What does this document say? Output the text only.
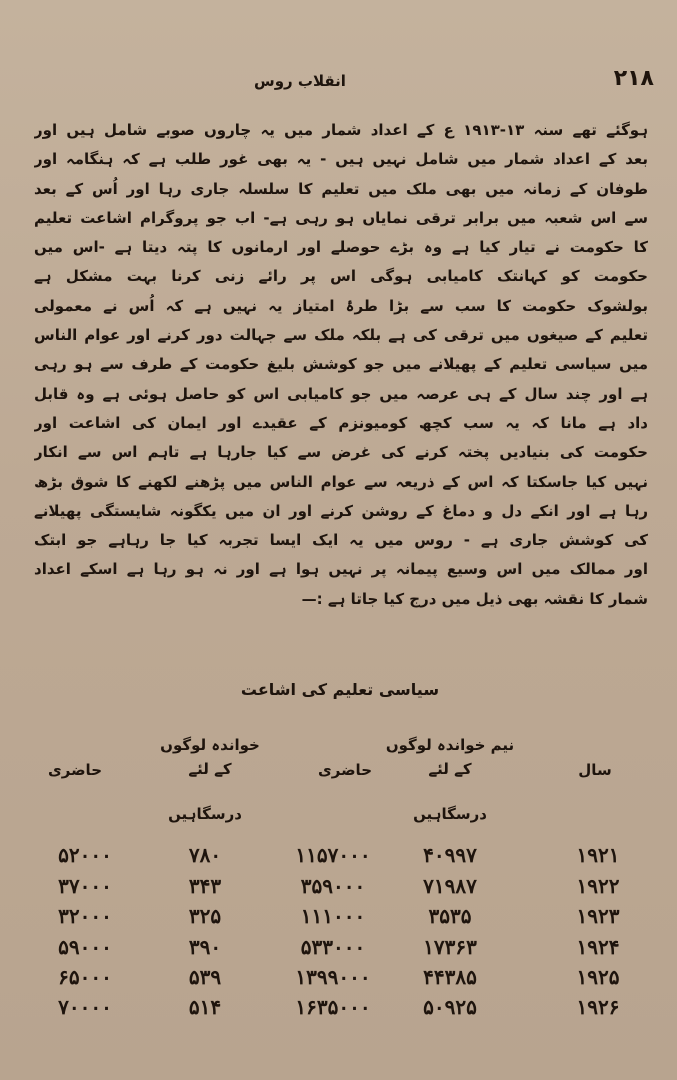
۲۱۸
انقلاب روس
ہوگئے تھے سنہ ۱۳-۱۹۱۳ ع کے اعداد شمار میں یہ چاروں صوبے شامل ہیں اور
بعد کے اعداد شمار میں شامل نہیں ہیں - یہ بھی غور طلب ہے کہ ہنگامہ اور
طوفان کے زمانہ میں بھی ملک میں تعلیم کا سلسلہ جاری رہا اور اُس کے بعد
سے اس شعبہ میں برابر ترقی نمایاں ہو رہی ہے- اب جو پروگرام اشاعت تعلیم
کا حکومت نے تیار کیا ہے وہ بڑے حوصلے اور ارمانوں کا پتہ دیتا ہے -اس میں
حکومت کو کہانتک کامیابی ہوگی اس پر رائے زنی کرنا بہت مشکل ہے
بولشوک حکومت کا سب سے بڑا طرۂ امتیاز یہ نہیں ہے کہ اُس نے معمولی
تعلیم کے صیغوں میں ترقی کی ہے بلکہ ملک سے جہالت دور کرنے اور عوام الناس
میں سیاسی تعلیم کے پھیلانے میں جو کوشش بلیغ حکومت کے طرف سے ہو رہی
ہے اور چند سال کے ہی عرصہ میں جو کامیابی اس کو حاصل ہوئی ہے وہ قابل
داد ہے مانا کہ یہ سب کچھ کومیونزم کے عقیدے اور ایمان کی اشاعت اور
حکومت کی بنیادیں پختہ کرنے کی غرض سے کیا جارہا ہے تاہم اس سے انکار
نہیں کیا جاسکتا کہ اس کے ذریعہ سے عوام الناس میں پڑھنے لکھنے کا شوق بڑھ
رہا ہے اور انکے دل و دماغ کے روشن کرنے اور ان میں یکگونہ شایستگی پھیلانے
کی کوشش جاری ہے - روس میں یہ ایک ایسا تجربہ کیا جا رہاہے جو ابتک
اور ممالک میں اس وسیع پیمانہ پر نہیں ہوا ہے اور نہ ہو رہا ہے اسکے اعداد
شمار کا نقشہ بھی ذیل میں درج کیا جاتا ہے :—
سیاسی تعلیم کی اشاعت
سال
نیم خواندہ لوگوں
کے لئے
حاضری
خواندہ لوگوں
کے لئے
حاضری
درسگاہیں
درسگاہیں
۱۹۲۱
۴۰۹۹۷
۱۱۵۷۰۰۰
۷۸۰
۵۲۰۰۰
۱۹۲۲
۷۱۹۸۷
۳۵۹۰۰۰
۳۴۳
۳۷۰۰۰
۱۹۲۳
۳۵۳۵
۱۱۱۰۰۰
۳۲۵
۳۲۰۰۰
۱۹۲۴
۱۷۳۶۳
۵۳۳۰۰۰
۳۹۰
۵۹۰۰۰
۱۹۲۵
۴۴۳۸۵
۱۳۹۹۰۰۰
۵۳۹
۶۵۰۰۰
۱۹۲۶
۵۰۹۲۵
۱۶۳۵۰۰۰
۵۱۴
۷۰۰۰۰
